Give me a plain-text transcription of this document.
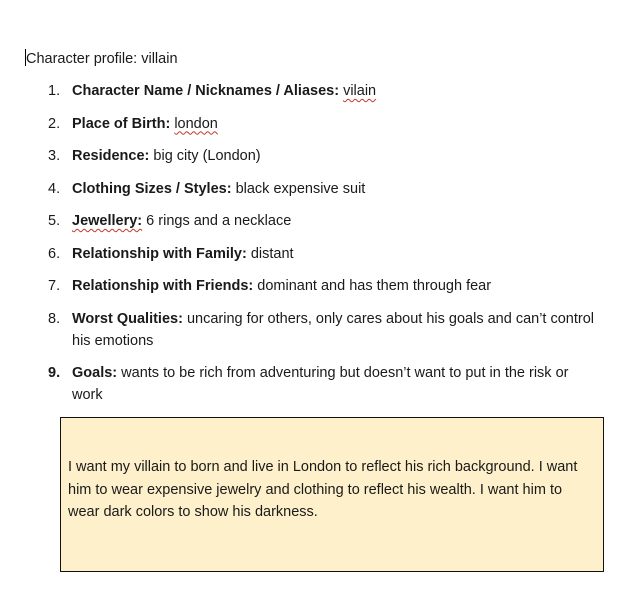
Character profile: villain
1. Character Name / Nicknames / Aliases: vilain
2. Place of Birth: london
3. Residence: big city (London)
4. Clothing Sizes / Styles: black expensive suit
5. Jewellery: 6 rings and a necklace
6. Relationship with Family: distant
7. Relationship with Friends: dominant and has them through fear
8. Worst Qualities: uncaring for others, only cares about his goals and can’t control his emotions
9. Goals: wants to be rich from adventuring but doesn’t want to put in the risk or work
I want my villain to born and live in London to reflect his rich background. I want him to wear expensive jewelry and clothing to reflect his wealth. I want him to wear dark colors to show his darkness.
